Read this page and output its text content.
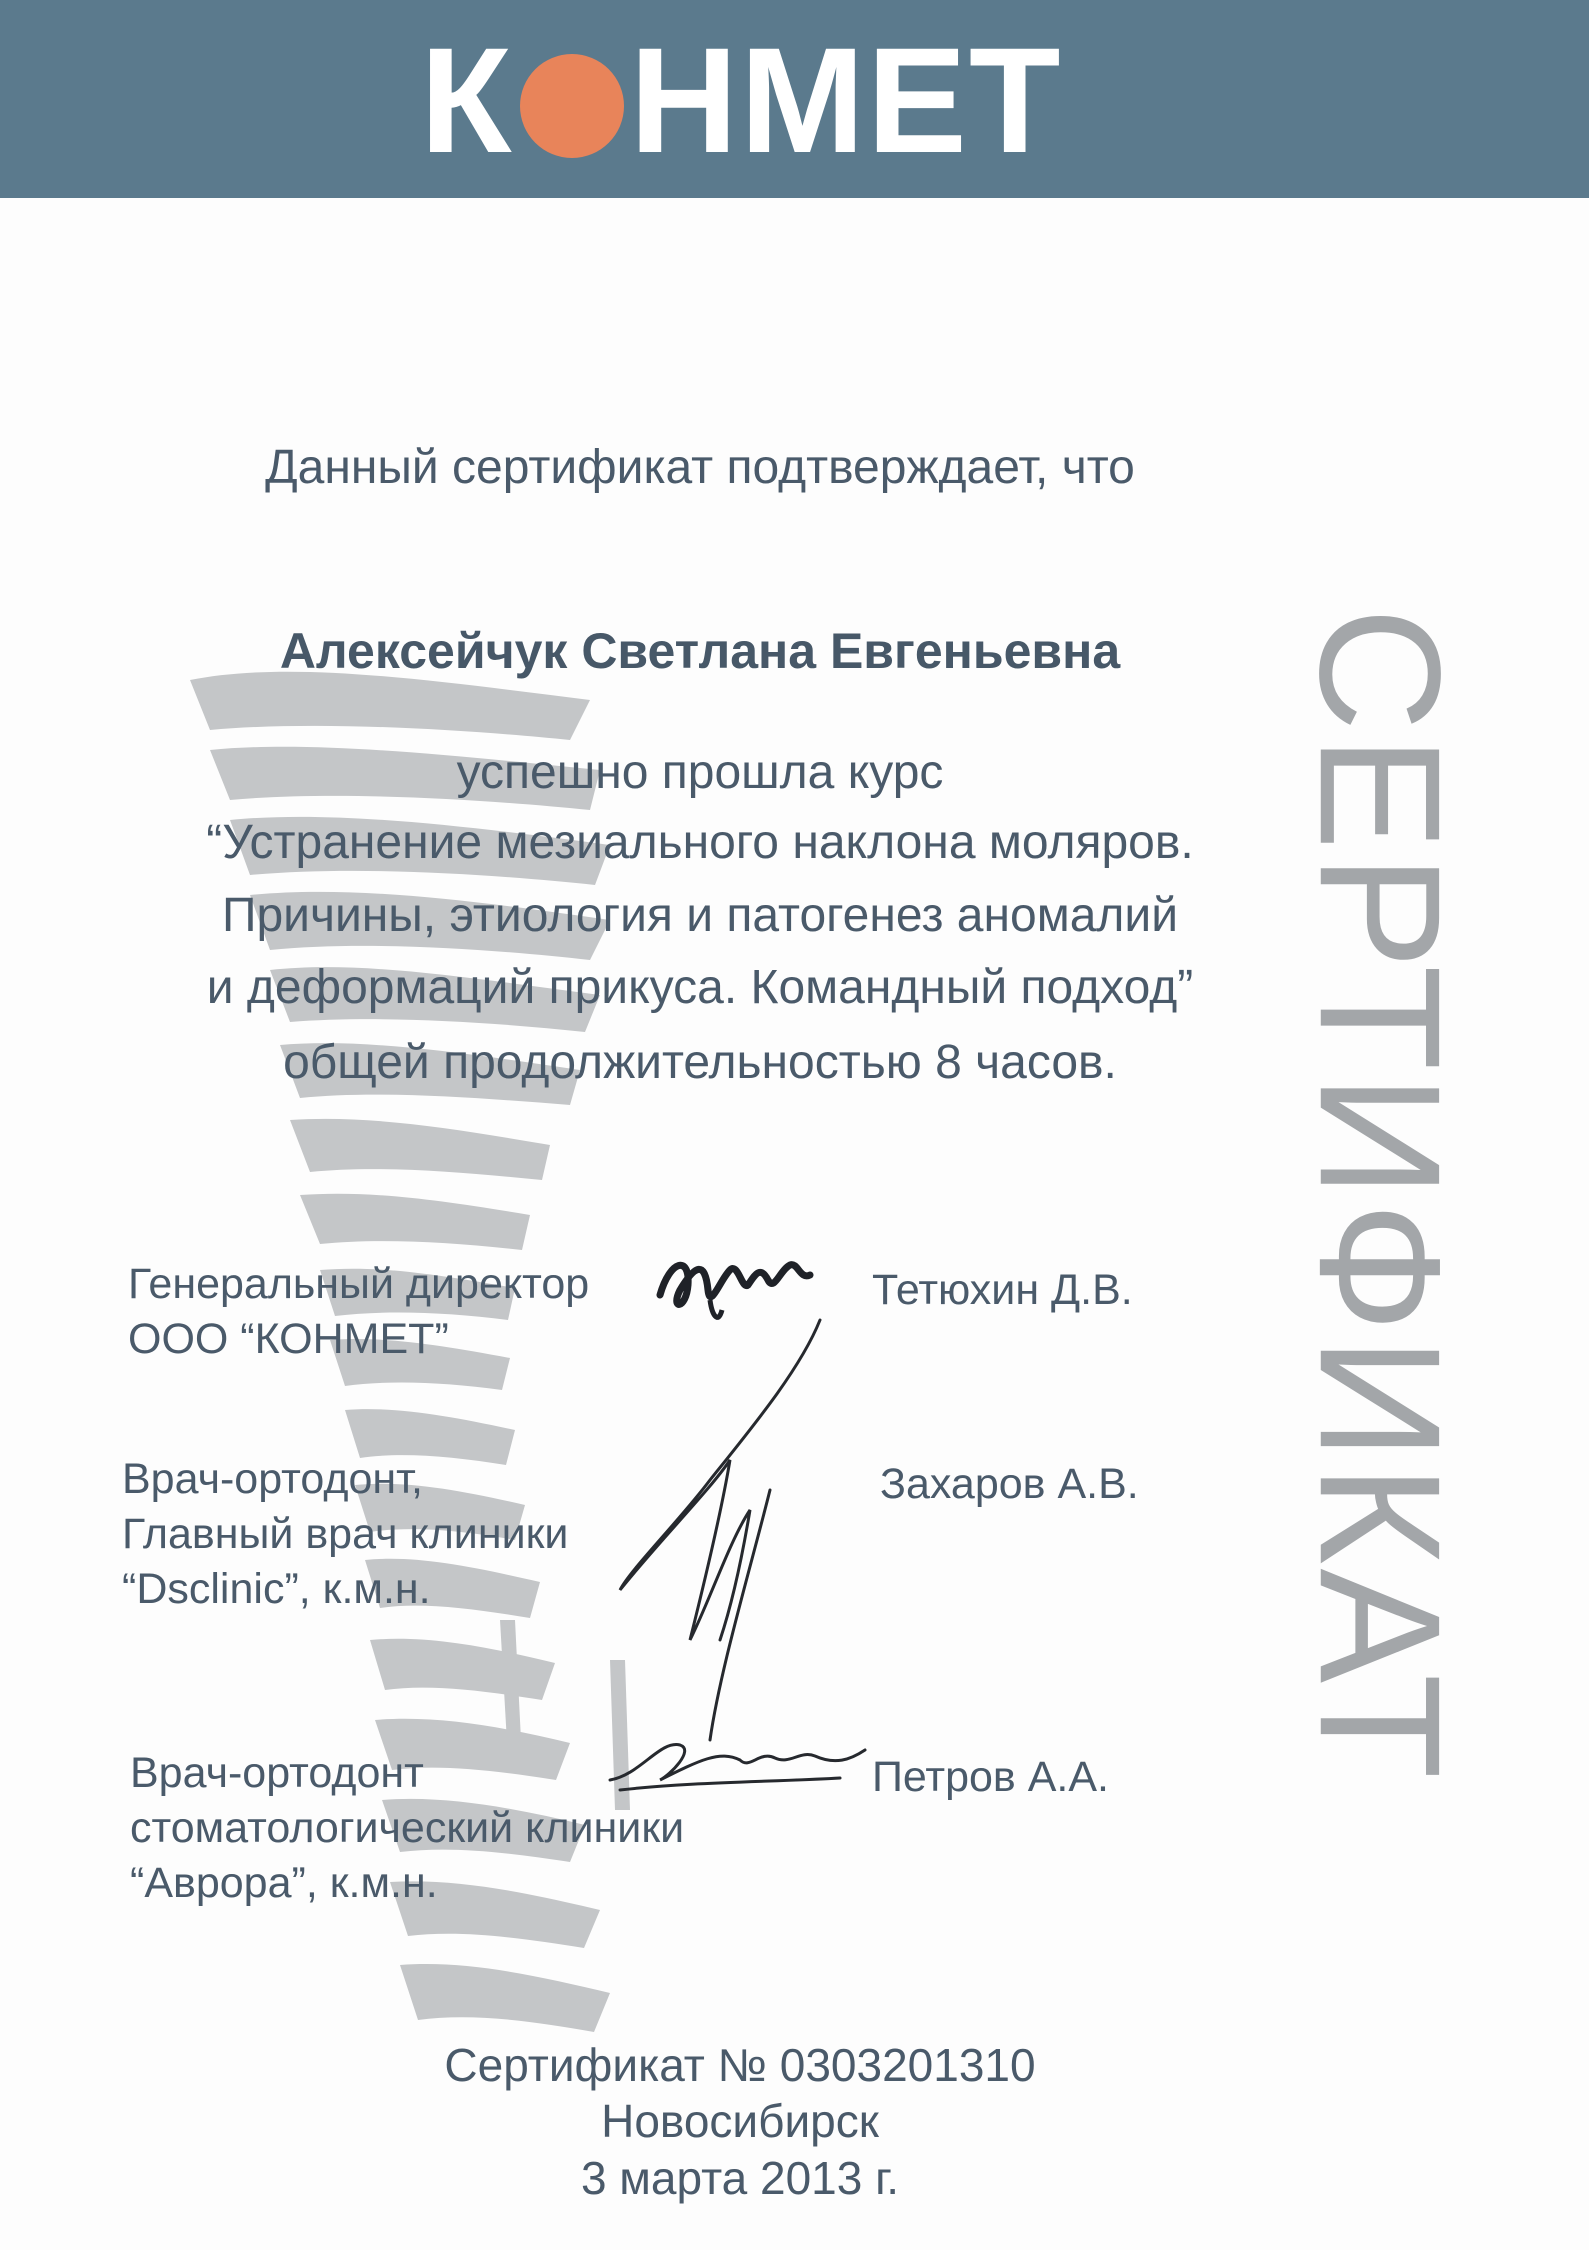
К НМЕТ
СЕРТИФИКАТ
Данный сертификат подтверждает, что
Алексейчук Светлана Евгеньевна
успешно прошла курс
“Устранение мезиального наклона моляров.
Причины, этиология и патогенез аномалий
и деформаций прикуса. Командный подход”
общей продолжительностью 8 часов.
Генеральный директор
ООО “КОНМЕТ”
Тетюхин Д.В.
Врач-ортодонт,
Главный врач клиники
“Dsclinic”, к.м.н.
Захаров А.В.
Врач-ортодонт
стоматологический клиники
“Аврора”, к.м.н.
Петров А.А.
Сертификат № 0303201310
Новосибирск
3 марта 2013 г.
